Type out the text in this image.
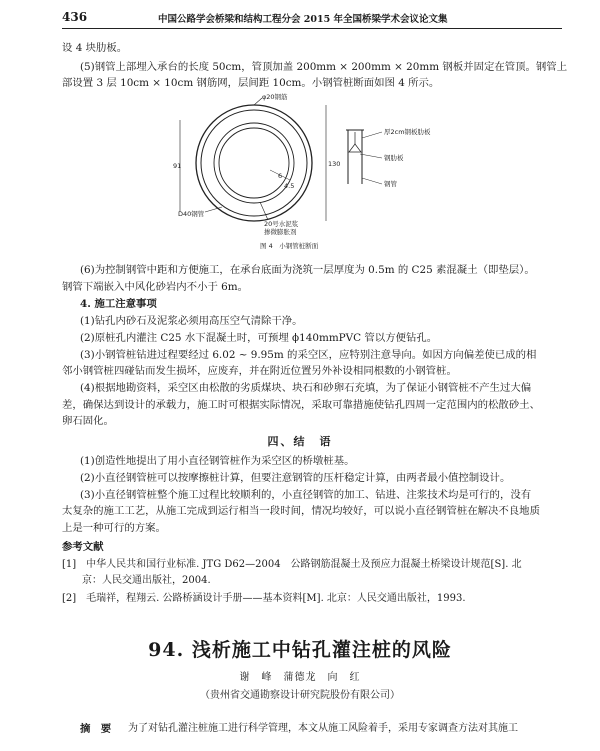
436	中国公路学会桥梁和结构工程分会 2015 年全国桥梁学术会议论文集
设 4 块肋板。
(5)钢管上部埋入承台的长度 50cm，管顶加盖 200mm × 200mm × 20mm 钢板并固定在管顶。钢管上
部设置 3 层 10cm × 10cm 钢筋网，层间距 10cm。小钢管桩断面如图 4 所示。
φ20钢筋
91	130
6
4.5
D40钢管
20号水泥浆
掺微膨胀剂
厚2cm钢板肋板
钢肋板
钢管
图 4　小钢管桩断面
(6)为控制钢管中距和方便施工，在承台底面为浇筑一层厚度为 0.5m 的 C25 素混凝土（即垫层）。
钢管下端嵌入中风化砂岩内不小于 6m。
4. 施工注意事项
(1)钻孔内砂石及泥浆必须用高压空气清除干净。
(2)原桩孔内灌注 C25 水下混凝土时，可预埋 ϕ140mmPVC 管以方便钻孔。
(3)小钢管桩钻进过程要经过 6.02 ~ 9.95m 的采空区，应特别注意导向。如因方向偏差使已成的相
邻小钢管桩四碰钻而发生损坏，应废弃，并在附近位置另外补设相同根数的小钢管桩。
(4)根据地勘资料，采空区由松散的劣质煤块、块石和砂卵石充填，为了保证小钢管桩不产生过大偏
差，确保达到设计的承载力，施工时可根据实际情况，采取可靠措施使钻孔四周一定范围内的松散砂土、
卵石固化。
四、结　语
(1)创造性地提出了用小直径钢管桩作为采空区的桥墩桩基。
(2)小直径钢管桩可以按摩擦桩计算，但要注意钢管的压杆稳定计算，由两者最小值控制设计。
(3)小直径钢管桩整个施工过程比较顺利的，小直径钢管的加工、钻进、注浆技术均是可行的，没有
太复杂的施工工艺，从施工完成到运行相当一段时间，情况均较好，可以说小直径钢管桩在解决不良地质
上是一种可行的方案。
参考文献
[1]　中华人民共和国行业标准. JTG D62—2004　公路钢筋混凝土及预应力混凝土桥梁设计规范[S]. 北
　　京：人民交通出版社，2004.
[2]　毛瑞祥，程翔云. 公路桥涵设计手册——基本资料[M]. 北京：人民交通出版社，1993.
94. 浅析施工中钻孔灌注桩的风险
谢　峰　蒲德龙　向　红
（贵州省交通勘察设计研究院股份有限公司）
摘　要 为了对钻孔灌注桩施工进行科学管理，本文从施工风险着手，采用专家调查方法对其施工
